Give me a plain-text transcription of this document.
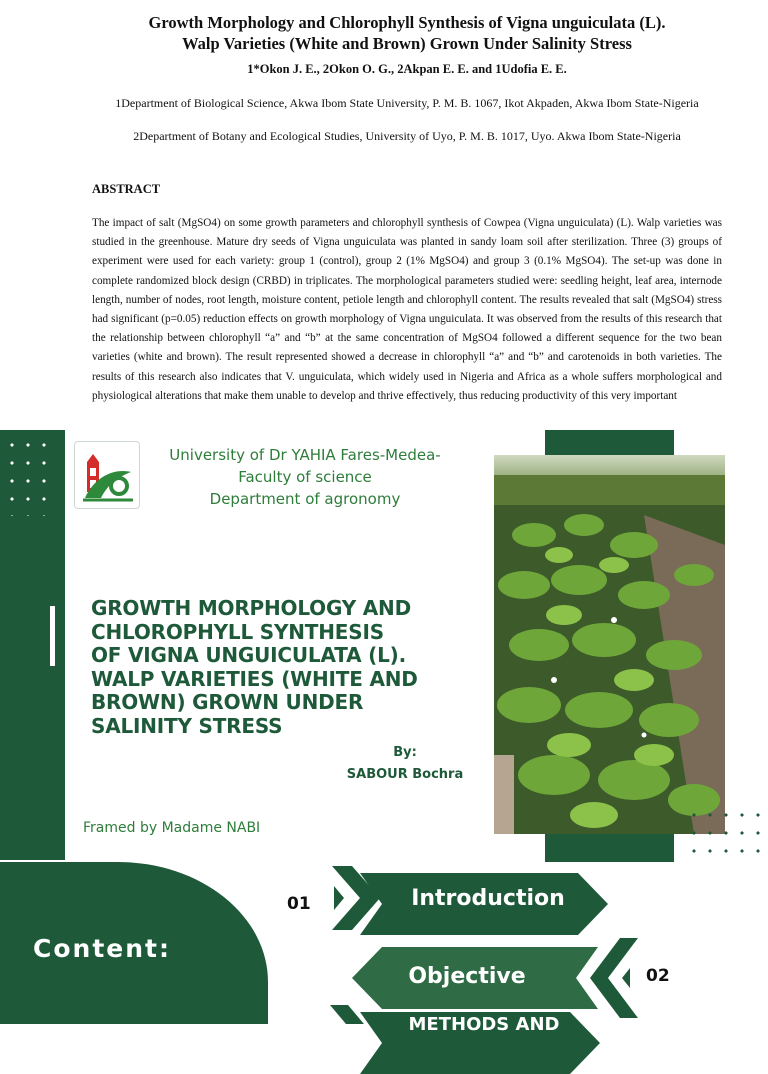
Growth Morphology and Chlorophyll Synthesis of Vigna unguiculata (L).
Walp Varieties (White and Brown) Grown Under Salinity Stress
1*Okon J. E., 2Okon O. G., 2Akpan E. E. and 1Udofia E. E.
1Department of Biological Science, Akwa Ibom State University, P. M. B. 1067, Ikot Akpaden, Akwa Ibom State-Nigeria
2Department of Botany and Ecological Studies, University of Uyo, P. M. B. 1017, Uyo. Akwa Ibom State-Nigeria
ABSTRACT
The impact of salt (MgSO4) on some growth parameters and chlorophyll synthesis of Cowpea (Vigna unguiculata) (L). Walp varieties was studied in the greenhouse. Mature dry seeds of Vigna unguiculata was planted in sandy loam soil after sterilization. Three (3) groups of experiment were used for each variety: group 1 (control), group 2 (1% MgSO4) and group 3 (0.1% MgSO4). The set-up was done in complete randomized block design (CRBD) in triplicates. The morphological parameters studied were: seedling height, leaf area, internode length, number of nodes, root length, moisture content, petiole length and chlorophyll content. The results revealed that salt (MgSO4) stress had significant (p=0.05) reduction effects on growth morphology of Vigna unguiculata. It was observed from the results of this research that the relationship between chlorophyll “a” and “b” at the same concentration of MgSO4 followed a different sequence for the two bean varieties (white and brown). The result represented showed a decrease in chlorophyll “a” and “b” and carotenoids in both varieties. The results of this research also indicates that V. unguiculata, which widely used in Nigeria and Africa as a whole suffers morphological and physiological alterations that make them unable to develop and thrive effectively, thus reducing productivity of this very important
University of Dr YAHIA Fares-Medea-
Faculty of science
Department of agronomy
GROWTH MORPHOLOGY AND
CHLOROPHYLL SYNTHESIS
OF VIGNA UNGUICULATA (L).
WALP VARIETIES (WHITE AND
BROWN) GROWN UNDER
SALINITY STRESS
By:
SABOUR Bochra
Framed by Madame NABI
Content:
01	Introduction
Objective	02
METHODS AND
